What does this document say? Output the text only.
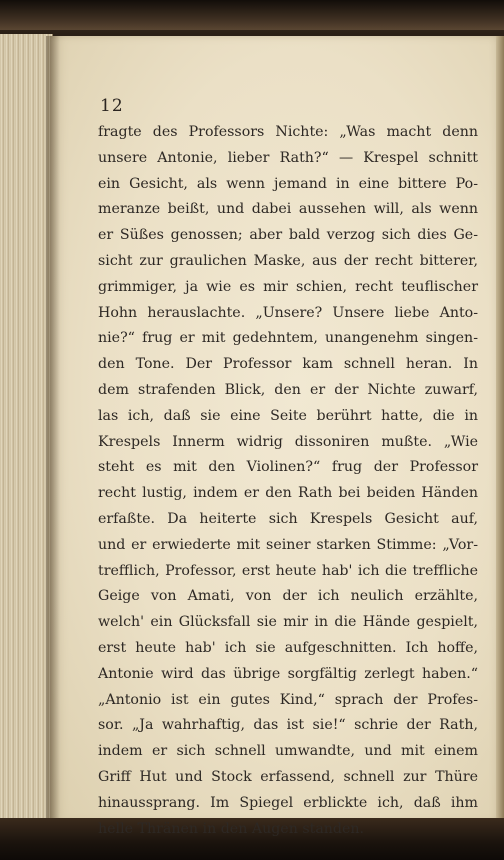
12
fragte des Professors Nichte: „Was macht denn
unsere Antonie, lieber Rath?“ — Krespel schnitt
ein Gesicht, als wenn jemand in eine bittere Po-
meranze beißt, und dabei aussehen will, als wenn
er Süßes genossen; aber bald verzog sich dies Ge-
sicht zur graulichen Maske, aus der recht bitterer,
grimmiger, ja wie es mir schien, recht teuflischer
Hohn herauslachte. „Unsere? Unsere liebe Anto-
nie?“ frug er mit gedehntem, unangenehm singen-
den Tone. Der Professor kam schnell heran. In
dem strafenden Blick, den er der Nichte zuwarf,
las ich, daß sie eine Seite berührt hatte, die in
Krespels Innerm widrig dissoniren mußte. „Wie
steht es mit den Violinen?“ frug der Professor
recht lustig, indem er den Rath bei beiden Händen
erfaßte. Da heiterte sich Krespels Gesicht auf,
und er erwiederte mit seiner starken Stimme: „Vor-
trefflich, Professor, erst heute hab' ich die treffliche
Geige von Amati, von der ich neulich erzählte,
welch' ein Glücksfall sie mir in die Hände gespielt,
erst heute hab' ich sie aufgeschnitten. Ich hoffe,
Antonie wird das übrige sorgfältig zerlegt haben.“
„Antonio ist ein gutes Kind,“ sprach der Profes-
sor. „Ja wahrhaftig, das ist sie!“ schrie der Rath,
indem er sich schnell umwandte, und mit einem
Griff Hut und Stock erfassend, schnell zur Thüre
hinaussprang. Im Spiegel erblickte ich, daß ihm
helle Thränen in den Augen standen.
